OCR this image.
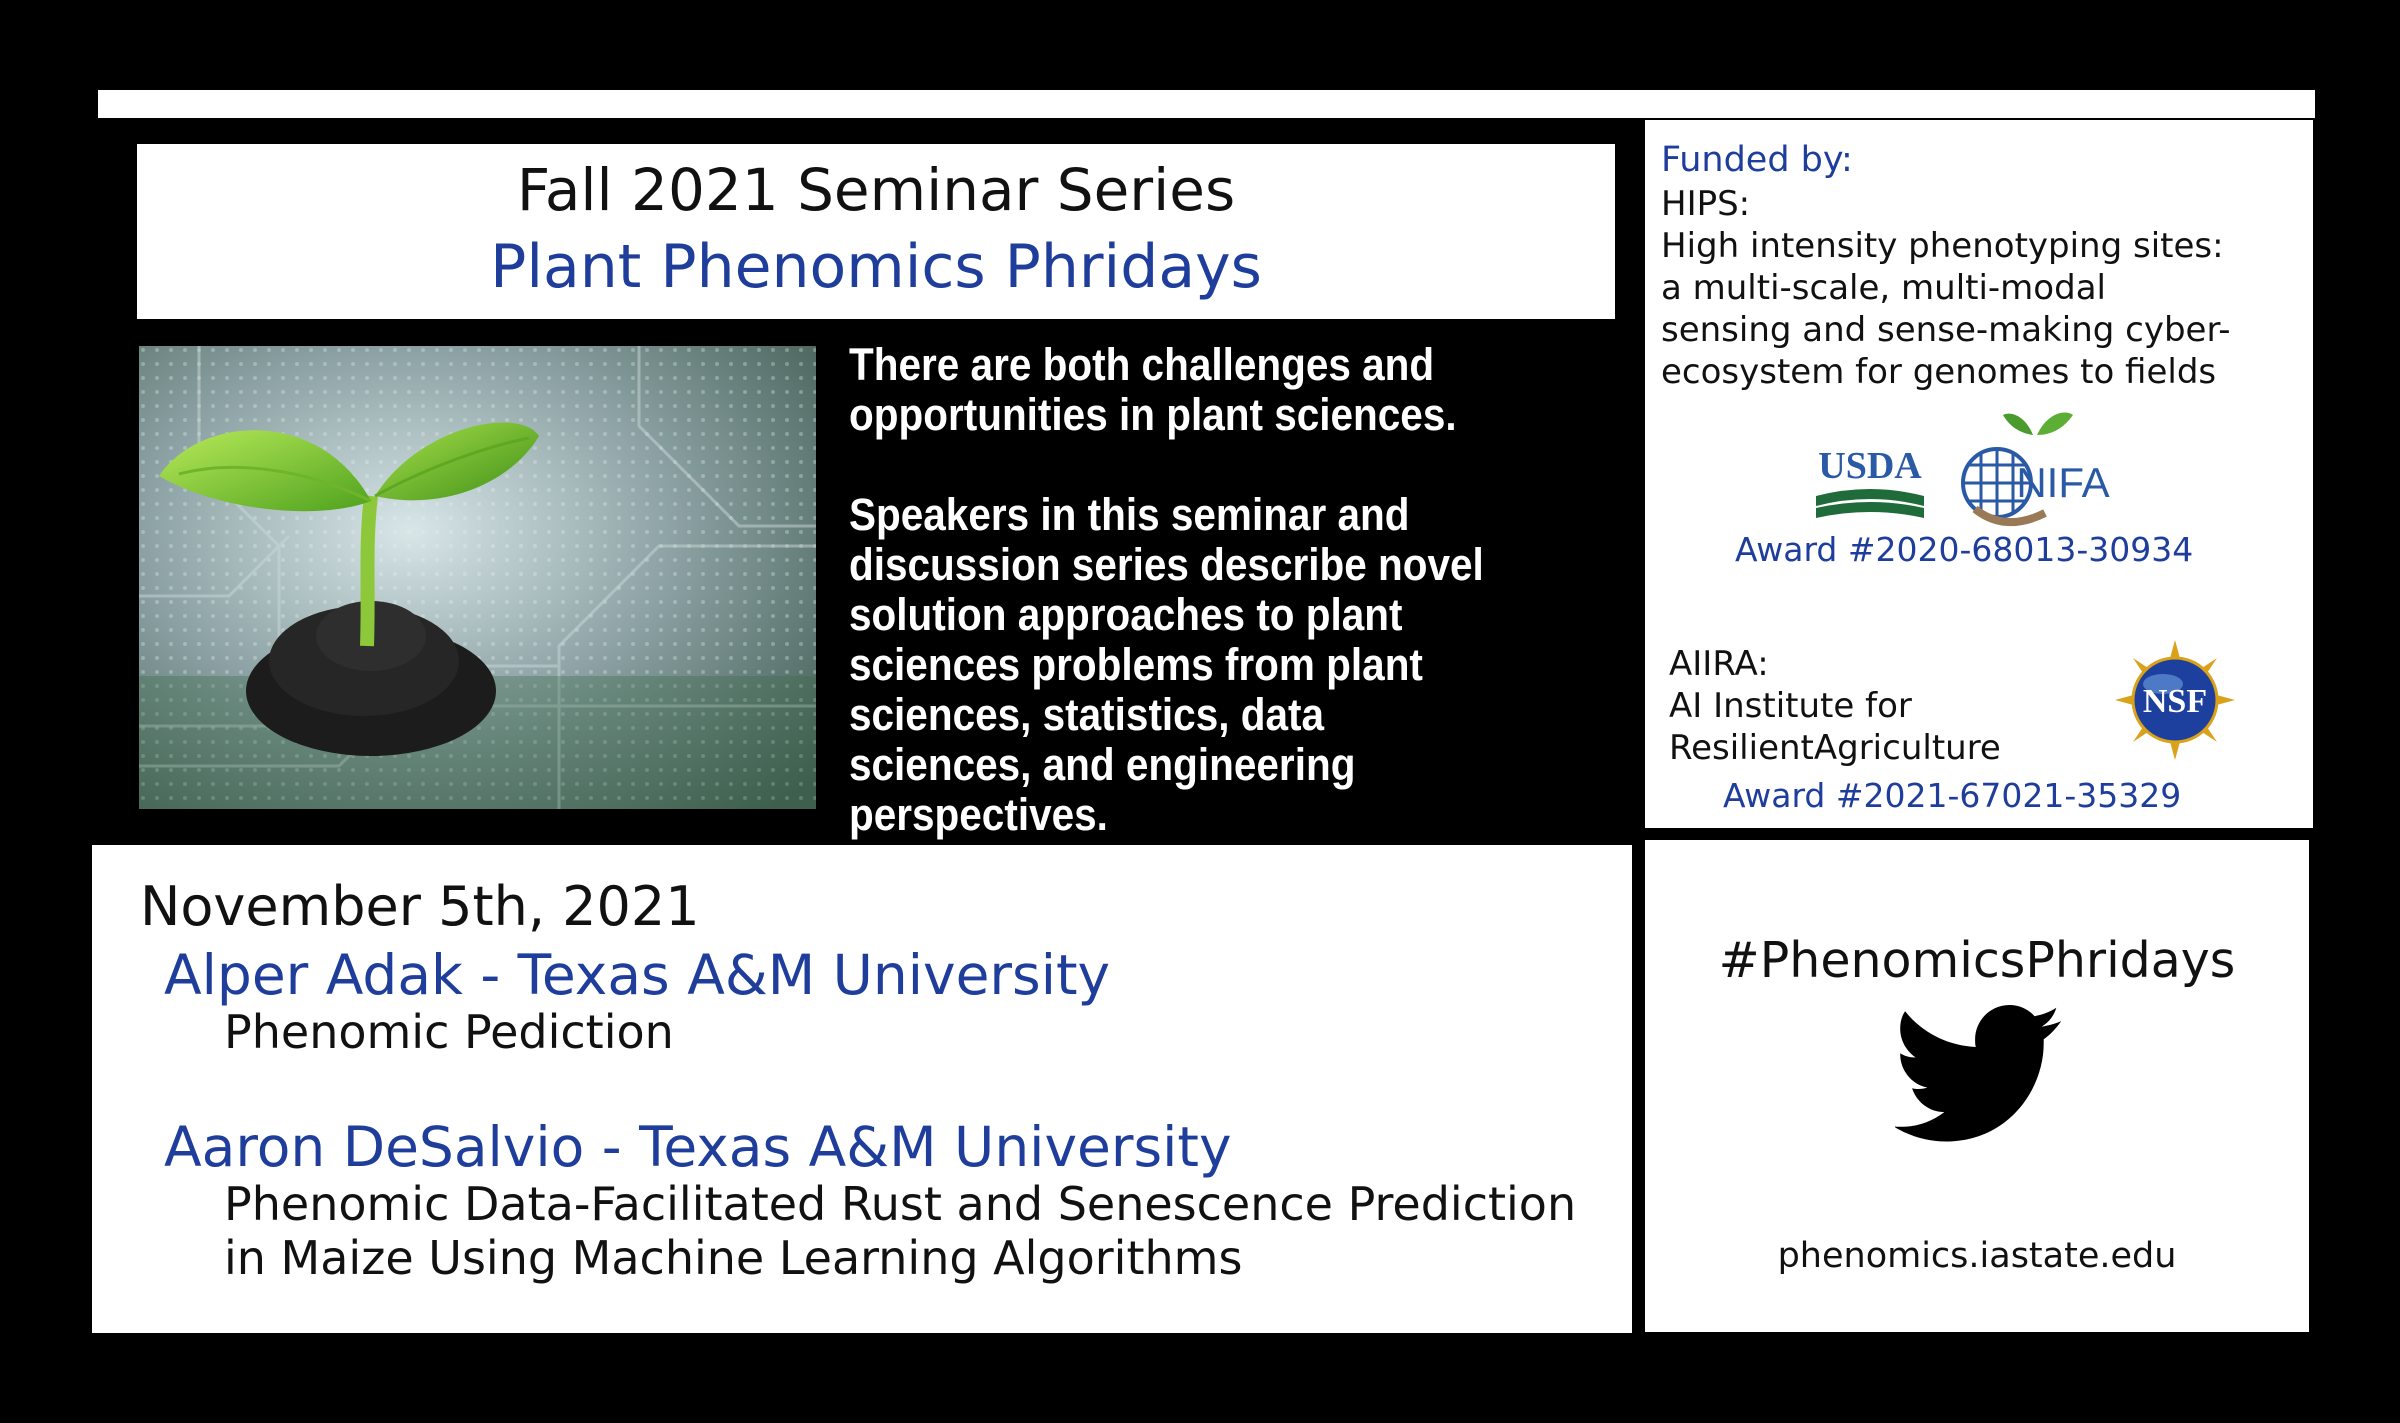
Fall 2021 Seminar Series
Plant Phenomics Phridays

There are both challenges and opportunities in plant sciences.

Speakers in this seminar and discussion series describe novel solution approaches to plant sciences problems from plant sciences, statistics, data sciences, and engineering perspectives.

Funded by:
HIPS:
High intensity phenotyping sites:
a multi-scale, multi-modal
sensing and sense-making cyber-
ecosystem for genomes to fields
USDA NIFA
Award #2020-68013-30934
AIIRA:
AI Institute for
ResilientAgriculture
NSF
Award #2021-67021-35329
November 5th, 2021
Alper Adak - Texas A&M University
Phenomic Pediction
Aaron DeSalvio - Texas A&M University
Phenomic Data-Facilitated Rust and Senescence Prediction
in Maize Using Machine Learning Algorithms
#PhenomicsPhridays
phenomics.iastate.edu
